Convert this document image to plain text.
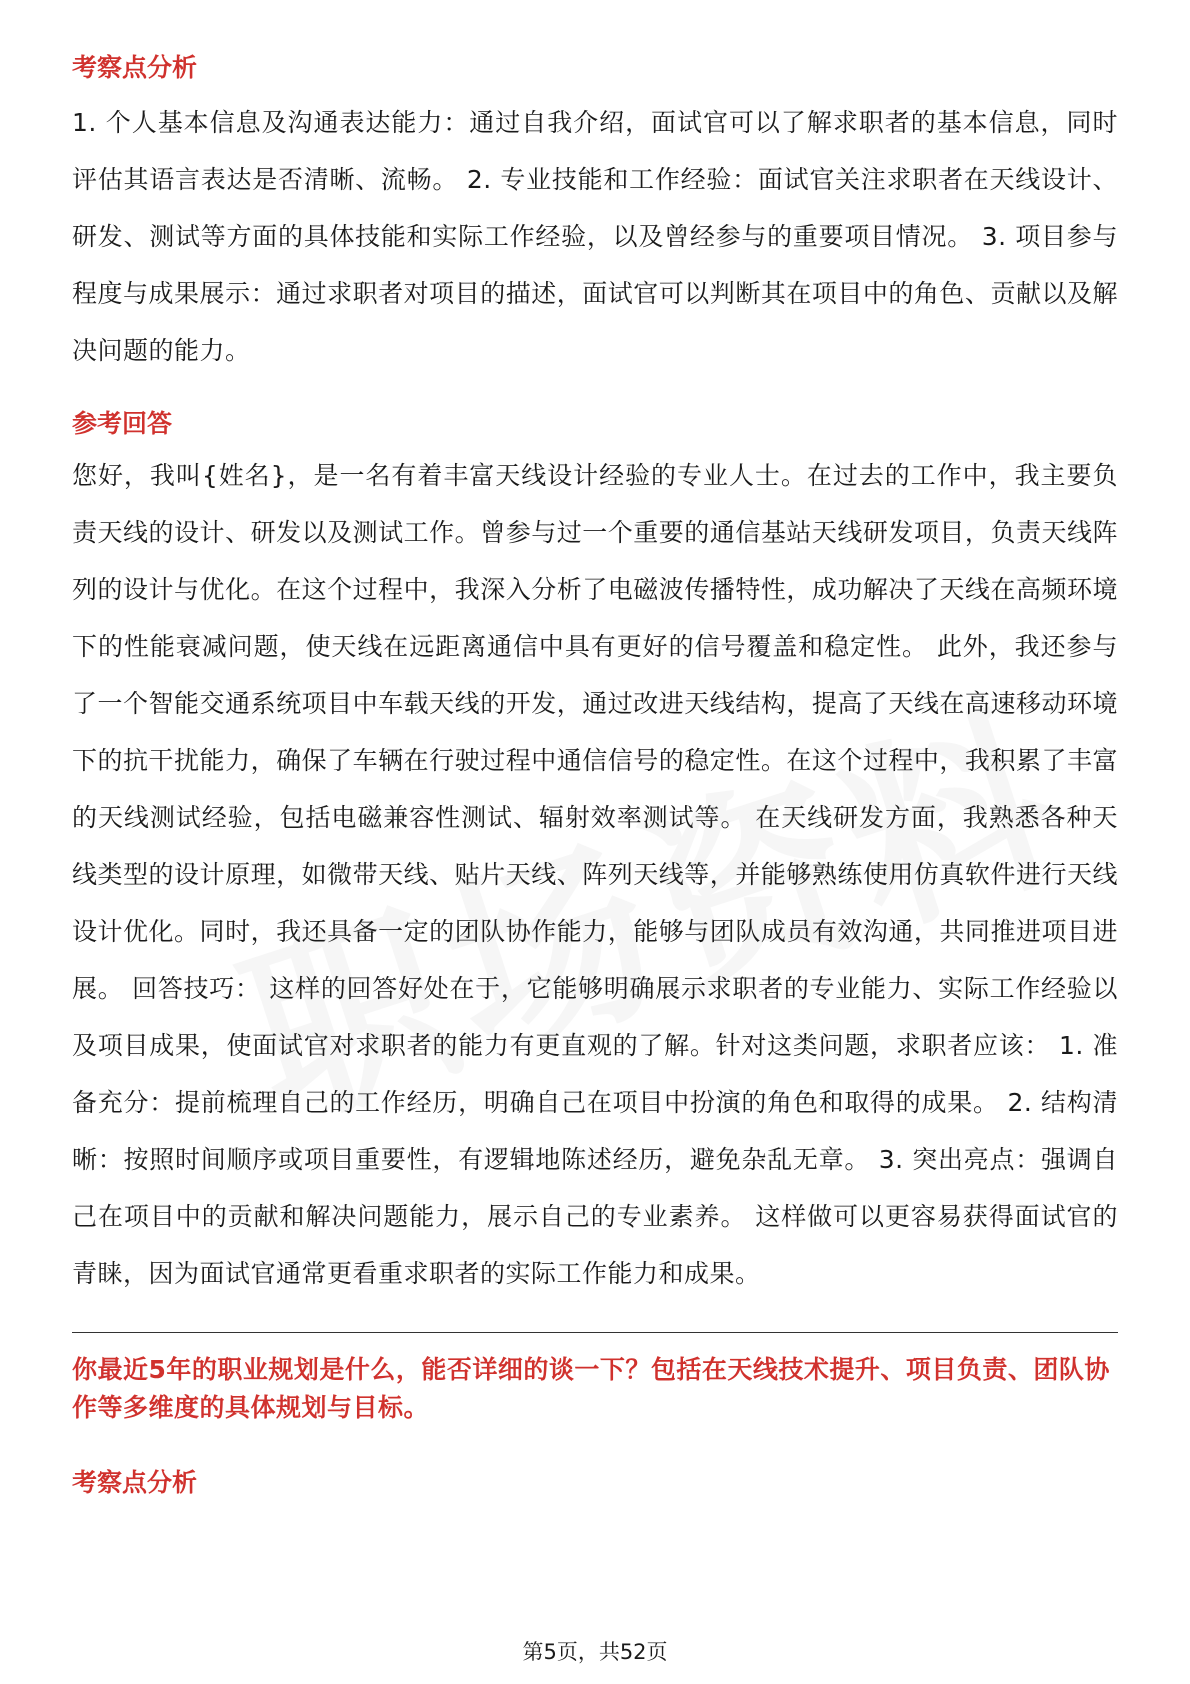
考察点分析

1. 个人基本信息及沟通表达能力：通过自我介绍，面试官可以了解求职者的基本信息，同时评估其语言表达是否清晰、流畅。 2. 专业技能和工作经验：面试官关注求职者在天线设计、研发、测试等方面的具体技能和实际工作经验，以及曾经参与的重要项目情况。 3. 项目参与程度与成果展示：通过求职者对项目的描述，面试官可以判断其在项目中的角色、贡献以及解决问题的能力。

参考回答

您好，我叫{姓名}，是一名有着丰富天线设计经验的专业人士。在过去的工作中，我主要负责天线的设计、研发以及测试工作。曾参与过一个重要的通信基站天线研发项目，负责天线阵列的设计与优化。在这个过程中，我深入分析了电磁波传播特性，成功解决了天线在高频环境下的性能衰减问题，使天线在远距离通信中具有更好的信号覆盖和稳定性。 此外，我还参与了一个智能交通系统项目中车载天线的开发，通过改进天线结构，提高了天线在高速移动环境下的抗干扰能力，确保了车辆在行驶过程中通信信号的稳定性。在这个过程中，我积累了丰富的天线测试经验，包括电磁兼容性测试、辐射效率测试等。 在天线研发方面，我熟悉各种天线类型的设计原理，如微带天线、贴片天线、阵列天线等，并能够熟练使用仿真软件进行天线设计优化。同时，我还具备一定的团队协作能力，能够与团队成员有效沟通，共同推进项目进展。 回答技巧： 这样的回答好处在于，它能够明确展示求职者的专业能力、实际工作经验以及项目成果，使面试官对求职者的能力有更直观的了解。针对这类问题，求职者应该： 1. 准备充分：提前梳理自己的工作经历，明确自己在项目中扮演的角色和取得的成果。 2. 结构清晰：按照时间顺序或项目重要性，有逻辑地陈述经历，避免杂乱无章。 3. 突出亮点：强调自己在项目中的贡献和解决问题能力，展示自己的专业素养。 这样做可以更容易获得面试官的青睐，因为面试官通常更看重求职者的实际工作能力和成果。

你最近5年的职业规划是什么，能否详细的谈一下？包括在天线技术提升、项目负责、团队协作等多维度的具体规划与目标。

考察点分析

第5页，共52页
